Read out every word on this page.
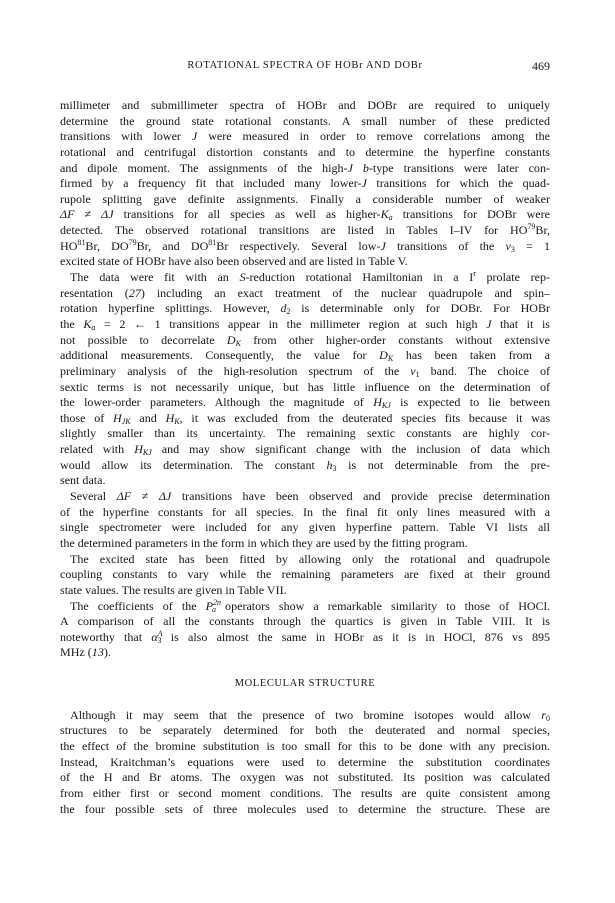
ROTATIONAL SPECTRA OF HOBr AND DOBr	469
millimeter and submillimeter spectra of HOBr and DOBr are required to uniquely
determine the ground state rotational constants. A small number of these predicted
transitions with lower J were measured in order to remove correlations among the
rotational and centrifugal distortion constants and to determine the hyperfine constants
and dipole moment. The assignments of the high-J b-type transitions were later con-
firmed by a frequency fit that included many lower-J transitions for which the quad-
rupole splitting gave definite assignments. Finally a considerable number of weaker
ΔF ≠ ΔJ transitions for all species as well as higher-$K_a$ transitions for DOBr were
detected. The observed rotational transitions are listed in Tables I–IV for HO$^{79}$Br,
HO$^{81}$Br, DO$^{79}$Br, and DO$^{81}$Br respectively. Several low-J transitions of the $v_3 = 1$
excited state of HOBr have also been observed and are listed in Table V.
The data were fit with an S-reduction rotational Hamiltonian in a $I^r$ prolate rep-
resentation (27) including an exact treatment of the nuclear quadrupole and spin–
rotation hyperfine splittings. However, $d_2$ is determinable only for DOBr. For HOBr
the $K_a = 2$ ← 1 transitions appear in the millimeter region at such high J that it is
not possible to decorrelate $D_K$ from other higher-order constants without extensive
additional measurements. Consequently, the value for $D_K$ has been taken from a
preliminary analysis of the high-resolution spectrum of the $\nu_1$ band. The choice of
sextic terms is not necessarily unique, but has little influence on the determination of
the lower-order parameters. Although the magnitude of $H_{KJ}$ is expected to lie between
those of $H_{JK}$ and $H_K$, it was excluded from the deuterated species fits because it was
slightly smaller than its uncertainty. The remaining sextic constants are highly cor-
related with $H_{KJ}$ and may show significant change with the inclusion of data which
would allow its determination. The constant $h_3$ is not determinable from the pre-
sent data.
Several ΔF ≠ ΔJ transitions have been observed and provide precise determination
of the hyperfine constants for all species. In the final fit only lines measured with a
single spectrometer were included for any given hyperfine pattern. Table VI lists all
the determined parameters in the form in which they are used by the fitting program.
The excited state has been fitted by allowing only the rotational and quadrupole
coupling constants to vary while the remaining parameters are fixed at their ground
state values. The results are given in Table VII.
The coefficients of the $P^{2n}_a$ operators show a remarkable similarity to those of HOCl.
A comparison of all the constants through the quartics is given in Table VIII. It is
noteworthy that $\alpha^A_3$ is also almost the same in HOBr as it is in HOCl, 876 vs 895
MHz (13).
MOLECULAR STRUCTURE
Although it may seem that the presence of two bromine isotopes would allow $r_0$
structures to be separately determined for both the deuterated and normal species,
the effect of the bromine substitution is too small for this to be done with any precision.
Instead, Kraitchman’s equations were used to determine the substitution coordinates
of the H and Br atoms. The oxygen was not substituted. Its position was calculated
from either first or second moment conditions. The results are quite consistent among
the four possible sets of three molecules used to determine the structure. These are
